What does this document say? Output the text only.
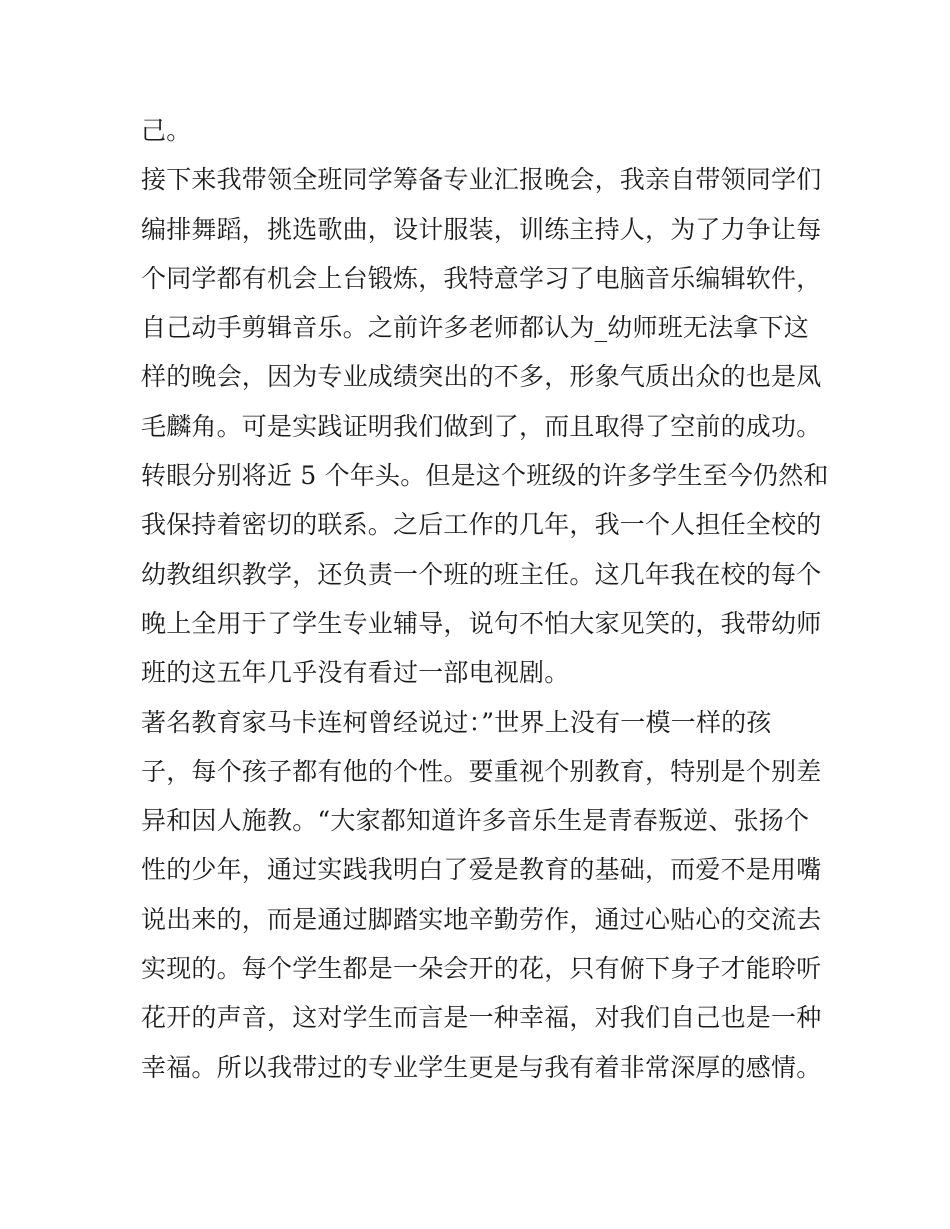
己。
接下来我带领全班同学筹备专业汇报晚会，我亲自带领同学们
编排舞蹈，挑选歌曲，设计服装，训练主持人，为了力争让每
个同学都有机会上台锻炼，我特意学习了电脑音乐编辑软件，
自己动手剪辑音乐。之前许多老师都认为_幼师班无法拿下这
样的晚会，因为专业成绩突出的不多，形象气质出众的也是凤
毛麟角。可是实践证明我们做到了，而且取得了空前的成功。
转眼分别将近 5 个年头。但是这个班级的许多学生至今仍然和
我保持着密切的联系。之后工作的几年，我一个人担任全校的
幼教组织教学，还负责一个班的班主任。这几年我在校的每个
晚上全用于了学生专业辅导，说句不怕大家见笑的，我带幼师
班的这五年几乎没有看过一部电视剧。
著名教育家马卡连柯曾经说过：”世界上没有一模一样的孩
子，每个孩子都有他的个性。要重视个别教育，特别是个别差
异和因人施教。“大家都知道许多音乐生是青春叛逆、张扬个
性的少年，通过实践我明白了爱是教育的基础，而爱不是用嘴
说出来的，而是通过脚踏实地辛勤劳作，通过心贴心的交流去
实现的。每个学生都是一朵会开的花，只有俯下身子才能聆听
花开的声音，这对学生而言是一种幸福，对我们自己也是一种
幸福。所以我带过的专业学生更是与我有着非常深厚的感情。
